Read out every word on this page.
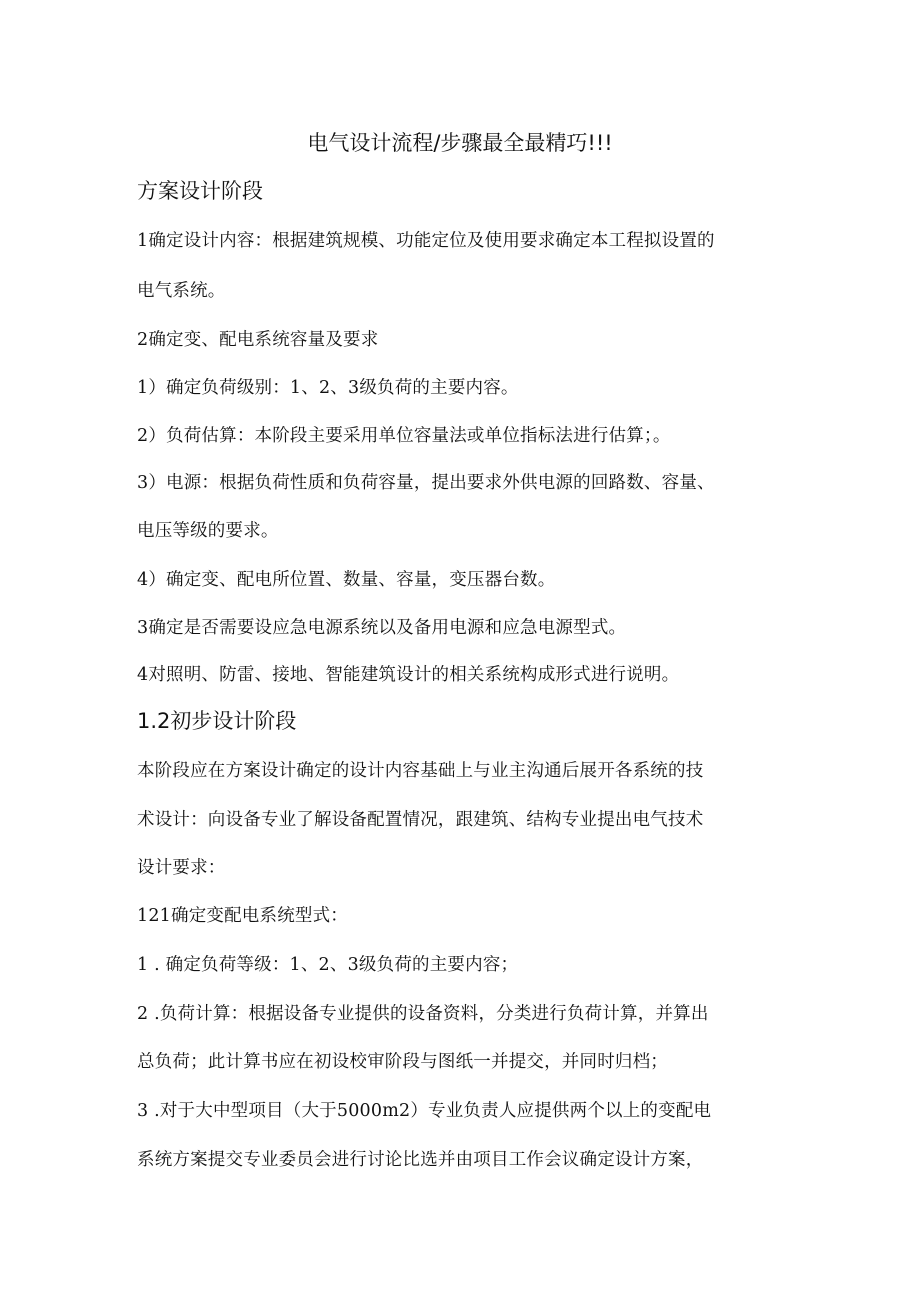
电气设计流程/步骤最全最精巧!!!
方案设计阶段
1确定设计内容：根据建筑规模、功能定位及使用要求确定本工程拟设置的
电气系统。
2确定变、配电系统容量及要求
1）确定负荷级别：1、2、3级负荷的主要内容。
2）负荷估算：本阶段主要采用单位容量法或单位指标法进行估算；。
3）电源：根据负荷性质和负荷容量，提出要求外供电源的回路数、容量、
电压等级的要求。
4）确定变、配电所位置、数量、容量，变压器台数。
3确定是否需要设应急电源系统以及备用电源和应急电源型式。
4对照明、防雷、接地、智能建筑设计的相关系统构成形式进行说明。
1.2初步设计阶段
本阶段应在方案设计确定的设计内容基础上与业主沟通后展开各系统的技
术设计：向设备专业了解设备配置情况，跟建筑、结构专业提出电气技术
设计要求：
121确定变配电系统型式：
1 . 确定负荷等级：1、2、3级负荷的主要内容；
2 .负荷计算：根据设备专业提供的设备资料，分类进行负荷计算，并算出
总负荷；此计算书应在初设校审阶段与图纸一并提交，并同时归档；
3 .对于大中型项目（大于5000m2）专业负责人应提供两个以上的变配电
系统方案提交专业委员会进行讨论比选并由项目工作会议确定设计方案，
